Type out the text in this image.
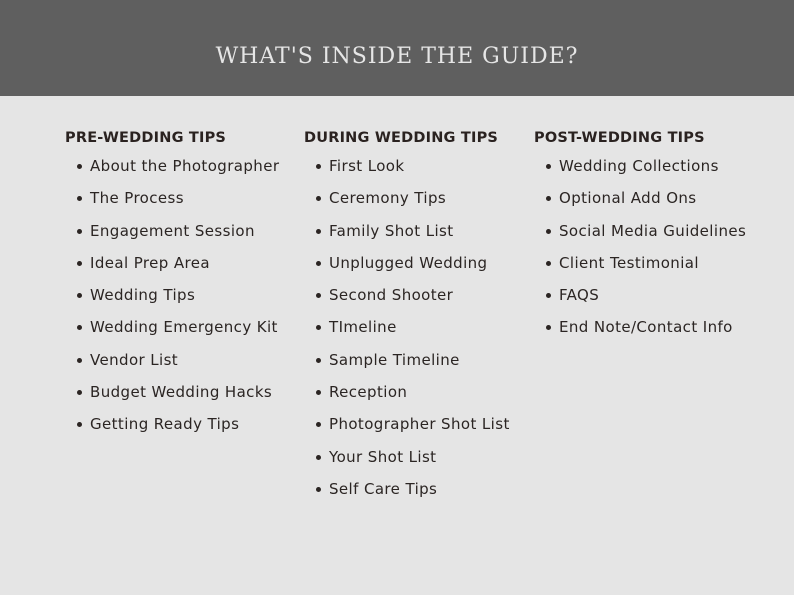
WHAT'S INSIDE THE GUIDE?
PRE-WEDDING TIPS
About the Photographer
The Process
Engagement Session
Ideal Prep Area
Wedding Tips
Wedding Emergency Kit
Vendor List
Budget Wedding Hacks
Getting Ready Tips
DURING WEDDING TIPS
First Look
Ceremony Tips
Family Shot List
Unplugged Wedding
Second Shooter
TImeline
Sample Timeline
Reception
Photographer Shot List
Your Shot List
Self Care Tips
POST-WEDDING TIPS
Wedding Collections
Optional Add Ons
Social Media Guidelines
Client Testimonial
FAQS
End Note/Contact Info
